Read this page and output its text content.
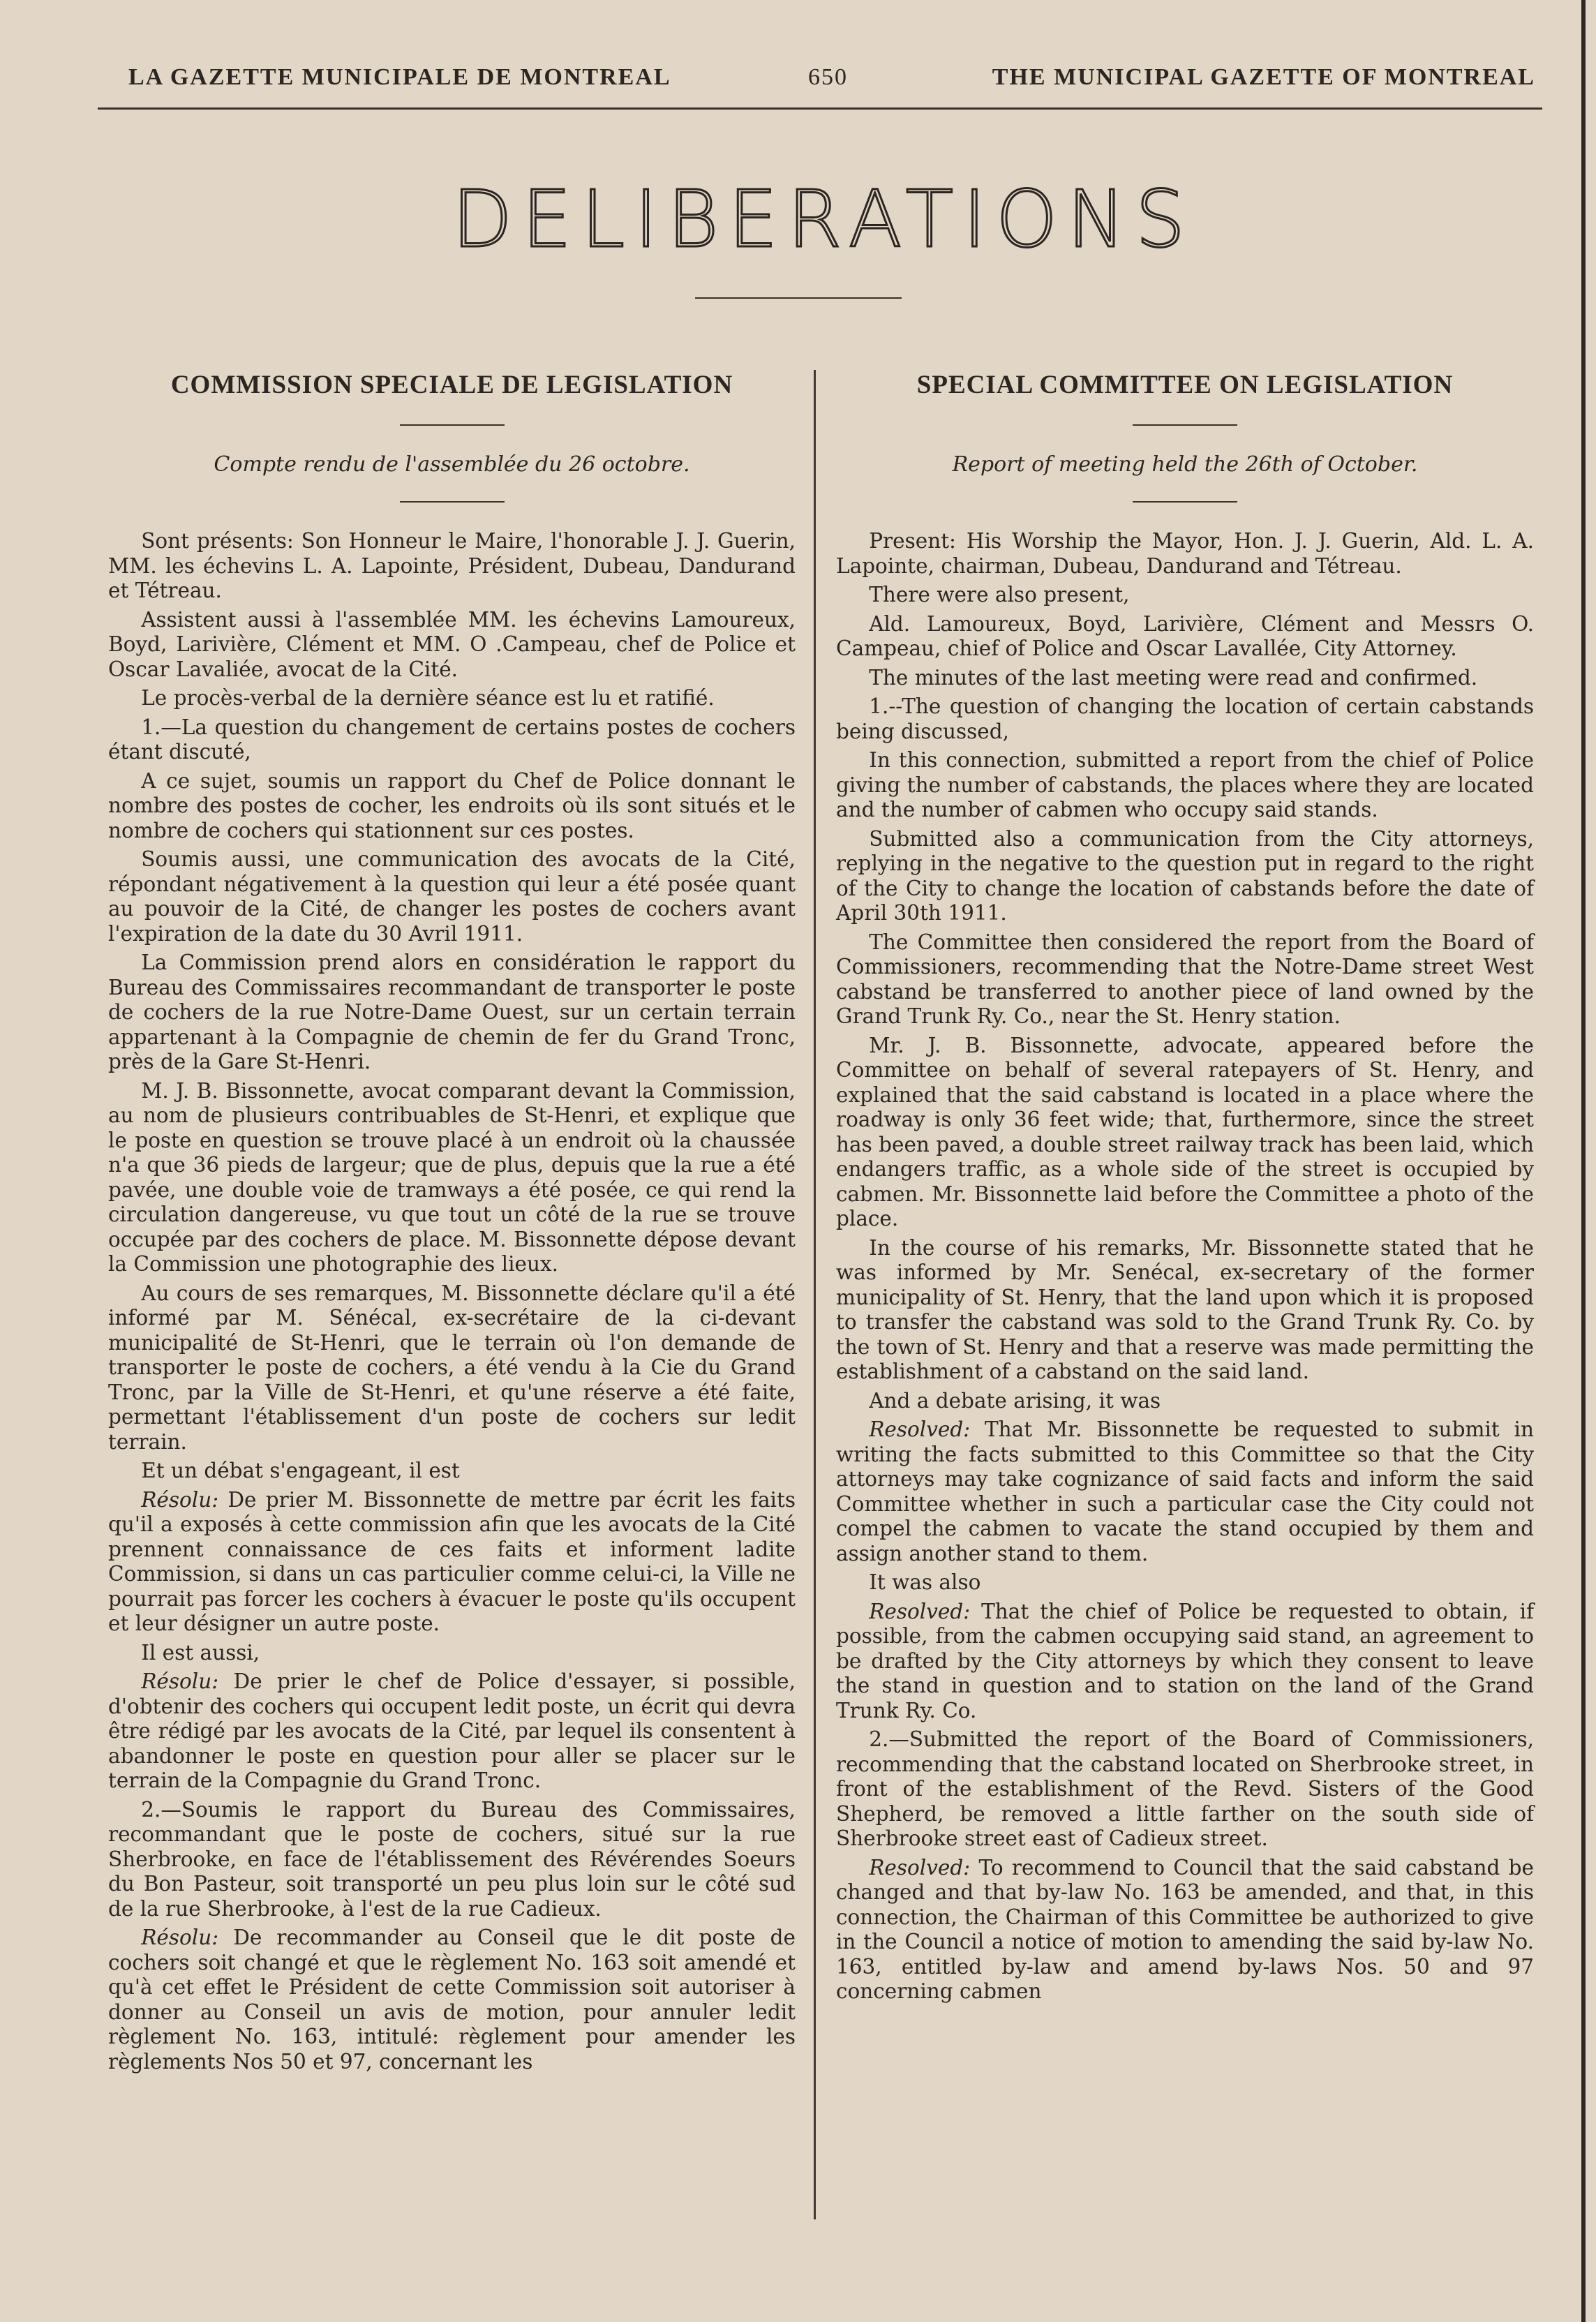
LA GAZETTE MUNICIPALE DE MONTREAL	650	THE MUNICIPAL GAZETTE OF MONTREAL
DELIBERATIONS
COMMISSION SPECIALE DE LEGISLATION
Compte rendu de l'assemblée du 26 octobre.

Sont présents: Son Honneur le Maire, l'honorable J. J. Guerin, MM. les échevins L. A. Lapointe, Président, Dubeau, Dandurand et Tétreau.

Assistent aussi à l'assemblée MM. les échevins Lamoureux, Boyd, Larivière, Clément et MM. O .Campeau, chef de Police et Oscar Lavaliée, avocat de la Cité.

Le procès-verbal de la dernière séance est lu et ratifié.

1.—La question du changement de certains postes de cochers étant discuté,

A ce sujet, soumis un rapport du Chef de Police donnant le nombre des postes de cocher, les endroits où ils sont situés et le nombre de cochers qui stationnent sur ces postes.

Soumis aussi, une communication des avocats de la Cité, répondant négativement à la question qui leur a été posée quant au pouvoir de la Cité, de changer les postes de cochers avant l'expiration de la date du 30 Avril 1911.

La Commission prend alors en considération le rapport du Bureau des Commissaires recommandant de transporter le poste de cochers de la rue Notre-Dame Ouest, sur un certain terrain appartenant à la Compagnie de chemin de fer du Grand Tronc, près de la Gare St-Henri.

M. J. B. Bissonnette, avocat comparant devant la Commission, au nom de plusieurs contribuables de St-Henri, et explique que le poste en question se trouve placé à un endroit où la chaussée n'a que 36 pieds de largeur; que de plus, depuis que la rue a été pavée, une double voie de tramways a été posée, ce qui rend la circulation dangereuse, vu que tout un côté de la rue se trouve occupée par des cochers de place. M. Bissonnette dépose devant la Commission une photographie des lieux.

Au cours de ses remarques, M. Bissonnette déclare qu'il a été informé par M. Sénécal, ex-secrétaire de la ci-devant municipalité de St-Henri, que le terrain où l'on demande de transporter le poste de cochers, a été vendu à la Cie du Grand Tronc, par la Ville de St-Henri, et qu'une réserve a été faite, permettant l'établissement d'un poste de cochers sur ledit terrain.

Et un débat s'engageant, il est

Résolu: De prier M. Bissonnette de mettre par écrit les faits qu'il a exposés à cette commission afin que les avocats de la Cité prennent connaissance de ces faits et informent ladite Commission, si dans un cas particulier comme celui-ci, la Ville ne pourrait pas forcer les cochers à évacuer le poste qu'ils occupent et leur désigner un autre poste.

Il est aussi,

Résolu: De prier le chef de Police d'essayer, si possible, d'obtenir des cochers qui occupent ledit poste, un écrit qui devra être rédigé par les avocats de la Cité, par lequel ils consentent à abandonner le poste en question pour aller se placer sur le terrain de la Compagnie du Grand Tronc.

2.—Soumis le rapport du Bureau des Commissaires, recommandant que le poste de cochers, situé sur la rue Sherbrooke, en face de l'établissement des Révérendes Soeurs du Bon Pasteur, soit transporté un peu plus loin sur le côté sud de la rue Sherbrooke, à l'est de la rue Cadieux.

Résolu: De recommander au Conseil que le dit poste de cochers soit changé et que le règlement No. 163 soit amendé et qu'à cet effet le Président de cette Commission soit autoriser à donner au Conseil un avis de motion, pour annuler ledit règlement No. 163, intitulé: règlement pour amender les règlements Nos 50 et 97, concernant les

SPECIAL COMMITTEE ON LEGISLATION
Report of meeting held the 26th of October.

Present: His Worship the Mayor, Hon. J. J. Guerin, Ald. L. A. Lapointe, chairman, Dubeau, Dandurand and Tétreau.

There were also present,

Ald. Lamoureux, Boyd, Larivière, Clément and Messrs O. Campeau, chief of Police and Oscar Lavallée, City Attorney.

The minutes of the last meeting were read and confirmed.

1.--The question of changing the location of certain cabstands being discussed,

In this connection, submitted a report from the chief of Police giving the number of cabstands, the places where they are located and the number of cabmen who occupy said stands.

Submitted also a communication from the City attorneys, replying in the negative to the question put in regard to the right of the City to change the location of cabstands before the date of April 30th 1911.

The Committee then considered the report from the Board of Commissioners, recommending that the Notre-Dame street West cabstand be transferred to another piece of land owned by the Grand Trunk Ry. Co., near the St. Henry station.

Mr. J. B. Bissonnette, advocate, appeared before the Committee on behalf of several ratepayers of St. Henry, and explained that the said cabstand is located in a place where the roadway is only 36 feet wide; that, furthermore, since the street has been paved, a double street railway track has been laid, which endangers traffic, as a whole side of the street is occupied by cabmen. Mr. Bissonnette laid before the Committee a photo of the place.

In the course of his remarks, Mr. Bissonnette stated that he was informed by Mr. Senécal, ex-secretary of the former municipality of St. Henry, that the land upon which it is proposed to transfer the cabstand was sold to the Grand Trunk Ry. Co. by the town of St. Henry and that a reserve was made permitting the establishment of a cabstand on the said land.

And a debate arising, it was

Resolved: That Mr. Bissonnette be requested to submit in writing the facts submitted to this Committee so that the City attorneys may take cognizance of said facts and inform the said Committee whether in such a particular case the City could not compel the cabmen to vacate the stand occupied by them and assign another stand to them.

It was also

Resolved: That the chief of Police be requested to obtain, if possible, from the cabmen occupying said stand, an agreement to be drafted by the City attorneys by which they consent to leave the stand in question and to station on the land of the Grand Trunk Ry. Co.

2.—Submitted the report of the Board of Commissioners, recommending that the cabstand located on Sherbrooke street, in front of the establishment of the Revd. Sisters of the Good Shepherd, be removed a little farther on the south side of Sherbrooke street east of Cadieux street.

Resolved: To recommend to Council that the said cabstand be changed and that by-law No. 163 be amended, and that, in this connection, the Chairman of this Committee be authorized to give in the Council a notice of motion to amending the said by-law No. 163, entitled by-law and amend by-laws Nos. 50 and 97 concerning cabmen
